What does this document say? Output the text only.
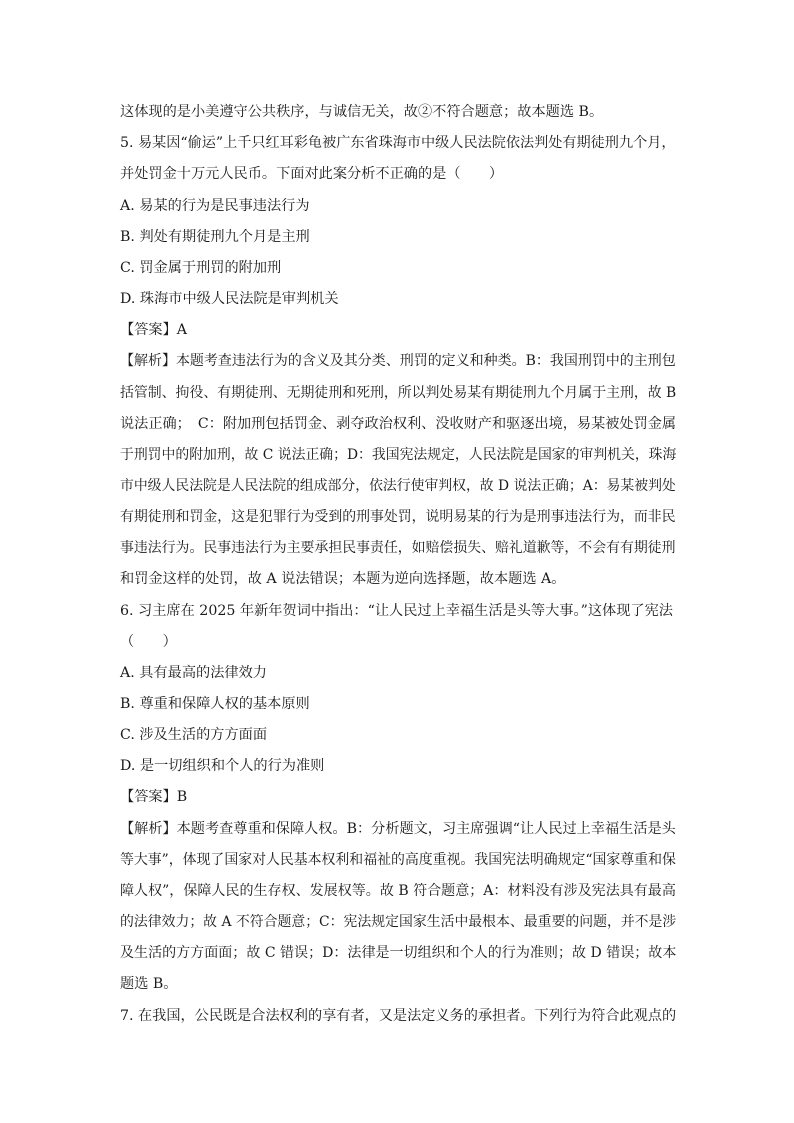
这体现的是小美遵守公共秩序，与诚信无关，故②不符合题意；故本题选 B。
5. 易某因“偷运”上千只红耳彩龟被广东省珠海市中级人民法院依法判处有期徒刑九个月，
并处罚金十万元人民币。下面对此案分析不正确的是（　　）
A. 易某的行为是民事违法行为
B. 判处有期徒刑九个月是主刑
C. 罚金属于刑罚的附加刑
D. 珠海市中级人民法院是审判机关
【答案】A
【解析】本题考查违法行为的含义及其分类、刑罚的定义和种类。B：我国刑罚中的主刑包
括管制、拘役、有期徒刑、无期徒刑和死刑，所以判处易某有期徒刑九个月属于主刑，故 B
说法正确；　C：附加刑包括罚金、剥夺政治权利、没收财产和驱逐出境，易某被处罚金属
于刑罚中的附加刑，故 C 说法正确；D：我国宪法规定，人民法院是国家的审判机关，珠海
市中级人民法院是人民法院的组成部分，依法行使审判权，故 D 说法正确；A：易某被判处
有期徒刑和罚金，这是犯罪行为受到的刑事处罚，说明易某的行为是刑事违法行为，而非民
事违法行为。民事违法行为主要承担民事责任，如赔偿损失、赔礼道歉等，不会有有期徒刑
和罚金这样的处罚，故 A 说法错误；本题为逆向选择题，故本题选 A。
6. 习主席在 2025 年新年贺词中指出：“让人民过上幸福生活是头等大事。”这体现了宪法
（　　）
A. 具有最高的法律效力
B. 尊重和保障人权的基本原则
C. 涉及生活的方方面面
D. 是一切组织和个人的行为准则
【答案】B
【解析】本题考查尊重和保障人权。B：分析题文，习主席强调“让人民过上幸福生活是头
等大事”，体现了国家对人民基本权利和福祉的高度重视。我国宪法明确规定“国家尊重和保
障人权”，保障人民的生存权、发展权等。故 B 符合题意；A：材料没有涉及宪法具有最高
的法律效力；故 A 不符合题意；C：宪法规定国家生活中最根本、最重要的问题，并不是涉
及生活的方方面面；故 C 错误；D：法律是一切组织和个人的行为准则；故 D 错误；故本
题选 B。
7. 在我国，公民既是合法权利的享有者，又是法定义务的承担者。下列行为符合此观点的
